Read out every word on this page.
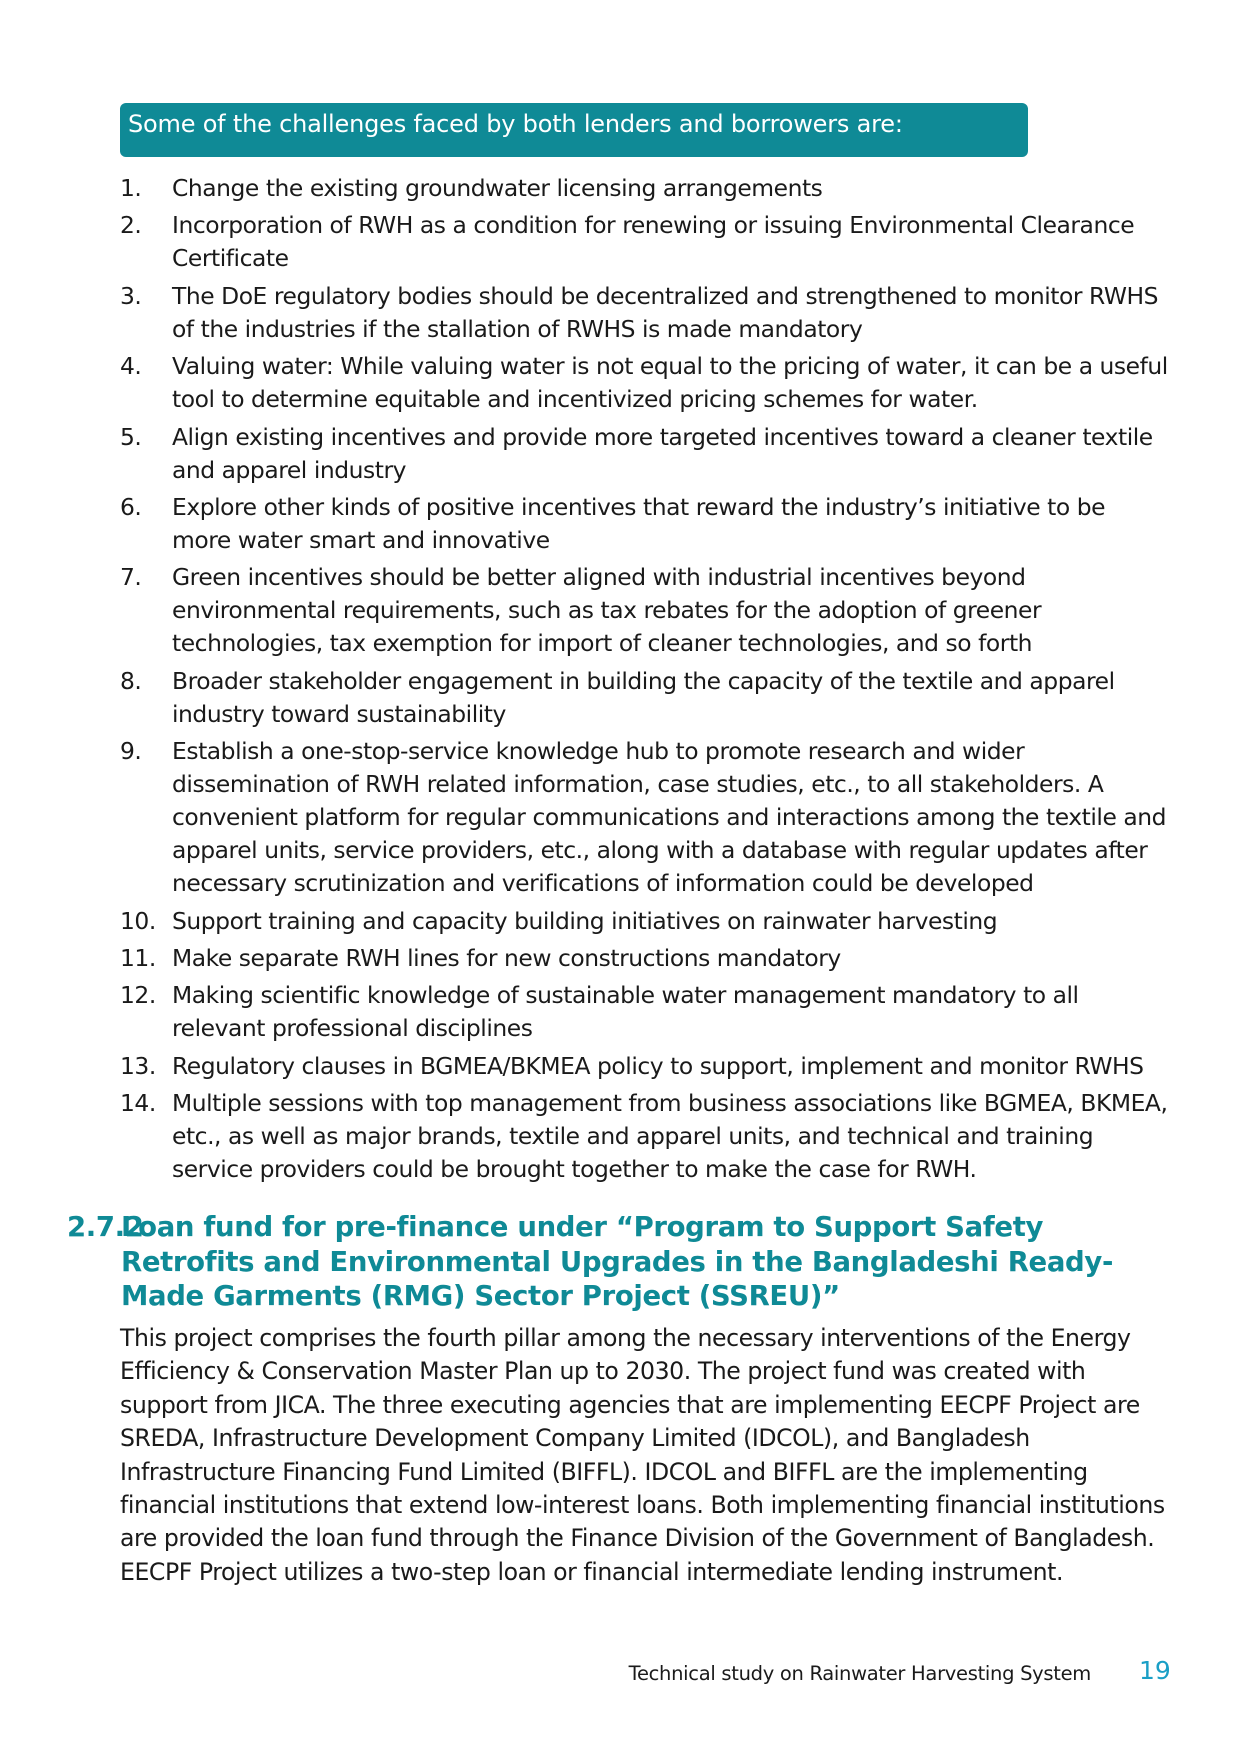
Some of the challenges faced by both lenders and borrowers are:
1. Change the existing groundwater licensing arrangements
2. Incorporation of RWH as a condition for renewing or issuing Environmental Clearance Certificate
3. The DoE regulatory bodies should be decentralized and strengthened to monitor RWHS of the industries if the stallation of RWHS is made mandatory
4. Valuing water: While valuing water is not equal to the pricing of water, it can be a useful tool to determine equitable and incentivized pricing schemes for water.
5. Align existing incentives and provide more targeted incentives toward a cleaner textile and apparel industry
6. Explore other kinds of positive incentives that reward the industry’s initiative to be more water smart and innovative
7. Green incentives should be better aligned with industrial incentives beyond environmental requirements, such as tax rebates for the adoption of greener technologies, tax exemption for import of cleaner technologies, and so forth
8. Broader stakeholder engagement in building the capacity of the textile and apparel industry toward sustainability
9. Establish a one-stop-service knowledge hub to promote research and wider dissemination of RWH related information, case studies, etc., to all stakeholders. A convenient platform for regular communications and interactions among the textile and apparel units, service providers, etc., along with a database with regular updates after necessary scrutinization and verifications of information could be developed
10. Support training and capacity building initiatives on rainwater harvesting
11. Make separate RWH lines for new constructions mandatory
12. Making scientific knowledge of sustainable water management mandatory to all relevant professional disciplines
13. Regulatory clauses in BGMEA/BKMEA policy to support, implement and monitor RWHS
14. Multiple sessions with top management from business associations like BGMEA, BKMEA, etc., as well as major brands, textile and apparel units, and technical and training service providers could be brought together to make the case for RWH.
2.7.2
Loan fund for pre-finance under “Program to Support Safety Retrofits and Environmental Upgrades in the Bangladeshi Ready-Made Garments (RMG) Sector Project (SSREU)”

This project comprises the fourth pillar among the necessary interventions of the Energy Efficiency & Conservation Master Plan up to 2030. The project fund was created with support from JICA. The three executing agencies that are implementing EECPF Project are SREDA, Infrastructure Development Company Limited (IDCOL), and Bangladesh Infrastructure Financing Fund Limited (BIFFL). IDCOL and BIFFL are the implementing financial institutions that extend low-interest loans. Both implementing financial institutions are provided the loan fund through the Finance Division of the Government of Bangladesh. EECPF Project utilizes a two-step loan or financial intermediate lending instrument.

Technical study on Rainwater Harvesting System 19
